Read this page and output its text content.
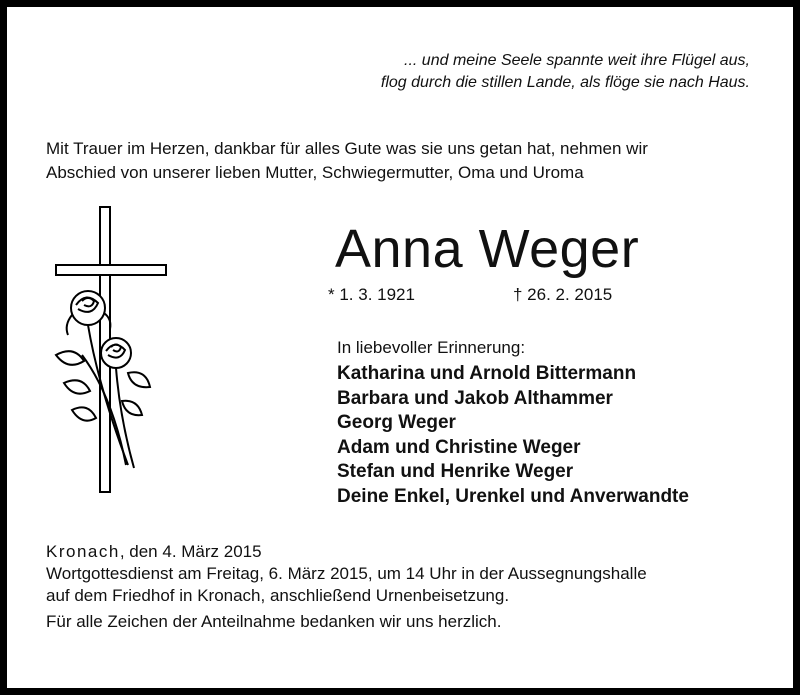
... und meine Seele spannte weit ihre Flügel aus,
flog durch die stillen Lande, als flöge sie nach Haus.
Mit Trauer im Herzen, dankbar für alles Gute was sie uns getan hat, nehmen wir
Abschied von unserer lieben Mutter, Schwiegermutter, Oma und Uroma
Anna Weger
* 1. 3. 1921	† 26. 2. 2015
In liebevoller Erinnerung:
Katharina und Arnold Bittermann
Barbara und Jakob Althammer
Georg Weger
Adam und Christine Weger
Stefan und Henrike Weger
Deine Enkel, Urenkel und Anverwandte

Kronach, den 4. März 2015

Wortgottesdienst am Freitag, 6. März 2015, um 14 Uhr in der Aussegnungshalle

auf dem Friedhof in Kronach, anschließend Urnenbeisetzung.

Für alle Zeichen der Anteilnahme bedanken wir uns herzlich.
